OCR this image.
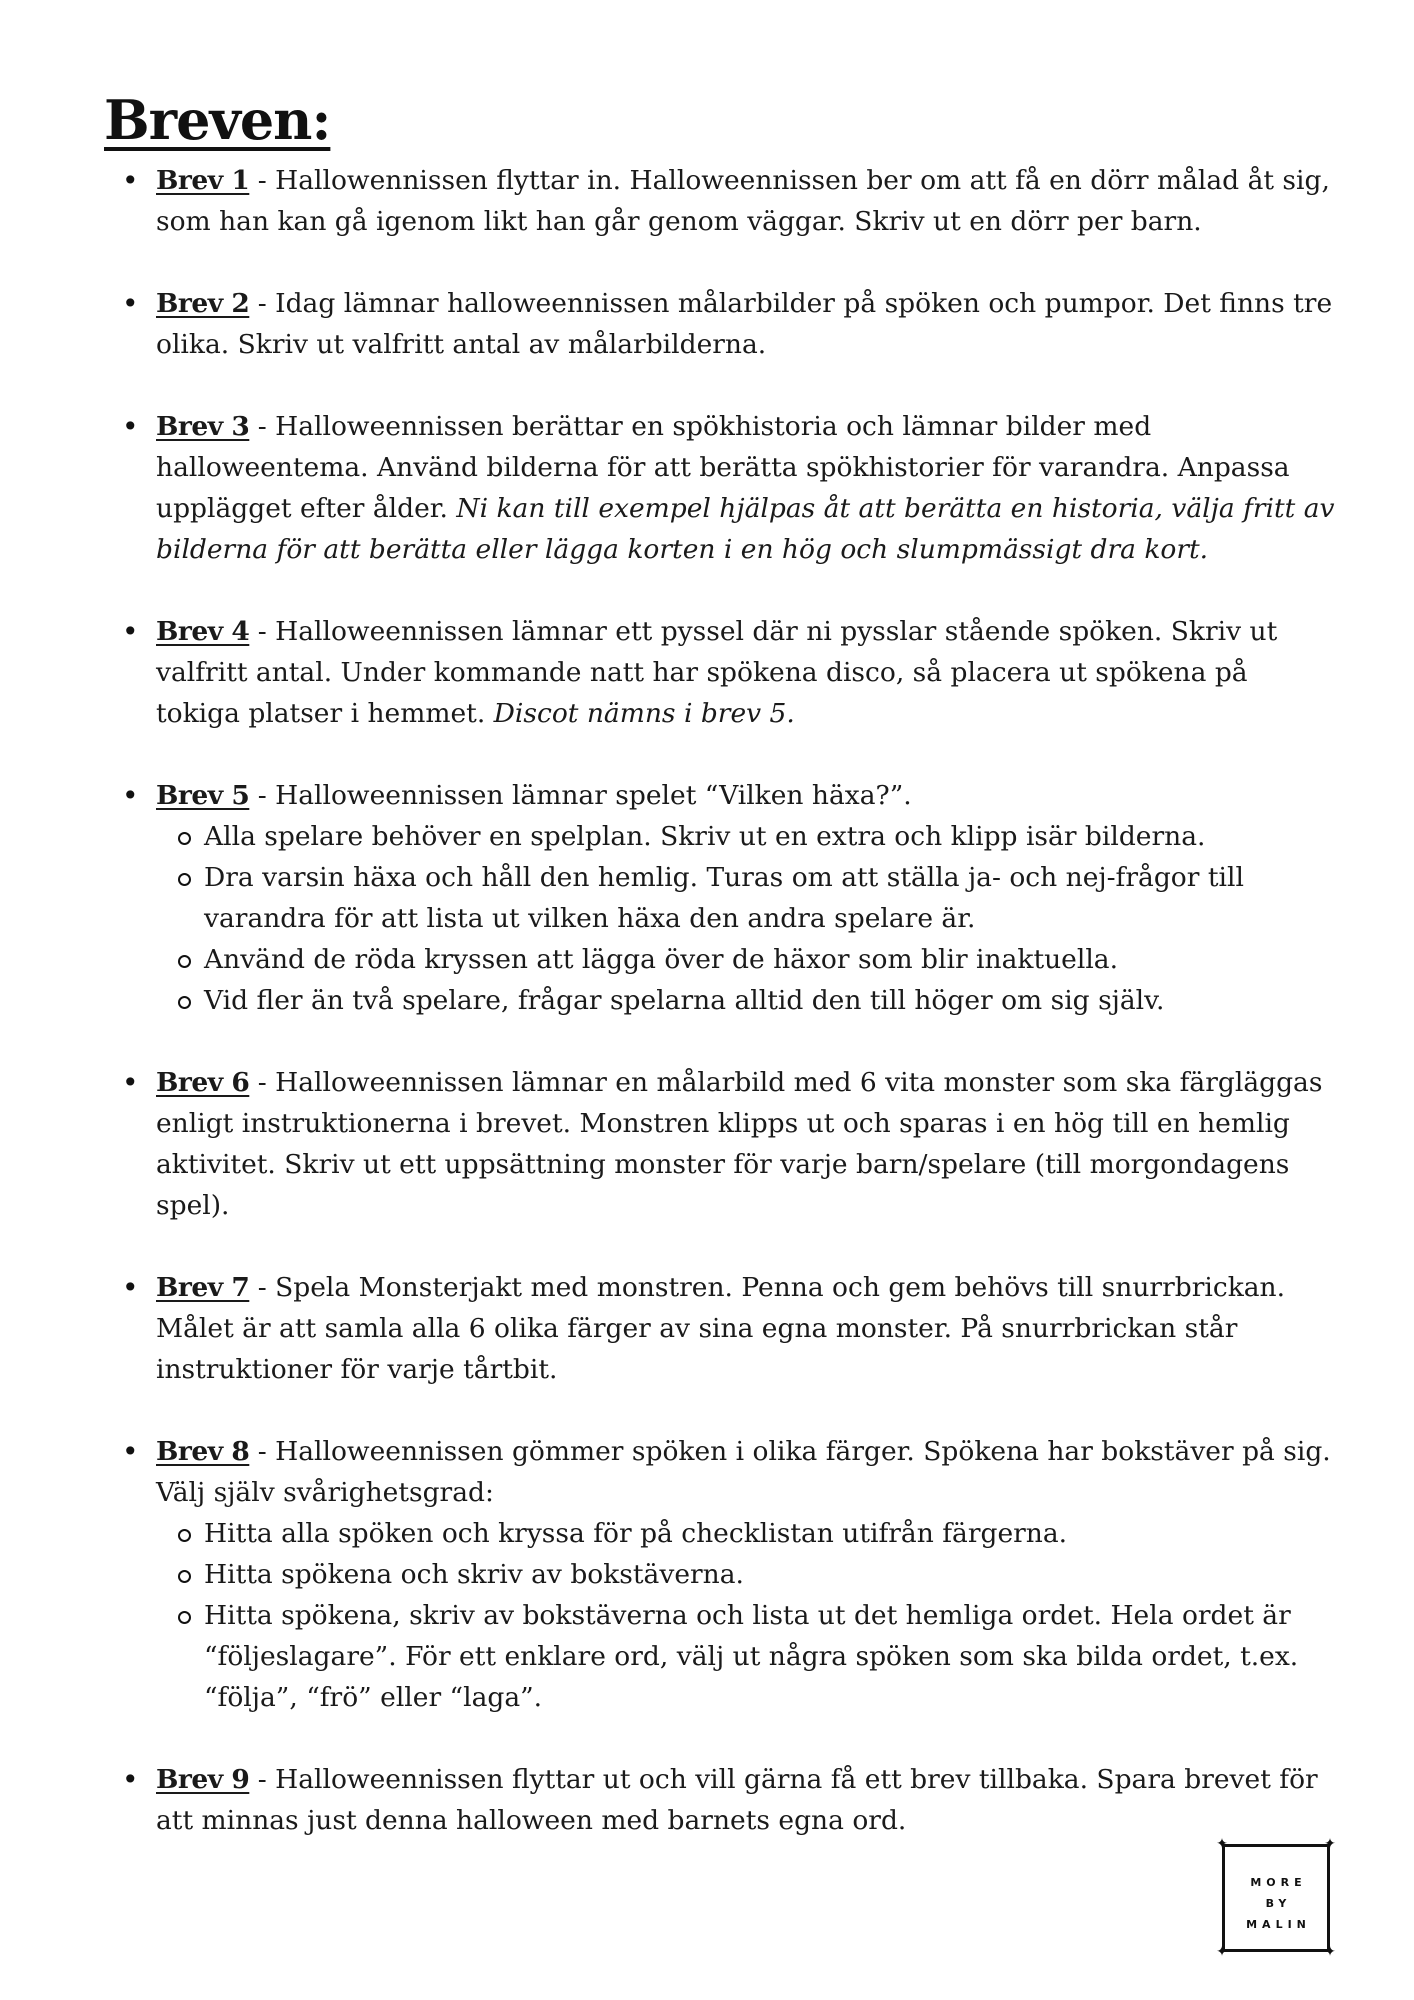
Breven:
• Brev 1 - Hallowennissen flyttar in. Halloweennissen ber om att få en dörr målad åt sig, som han kan gå igenom likt han går genom väggar. Skriv ut en dörr per barn.
• Brev 2 - Idag lämnar halloweennissen målarbilder på spöken och pumpor. Det finns tre olika. Skriv ut valfritt antal av målarbilderna.
• Brev 3 - Halloweennissen berättar en spökhistoria och lämnar bilder med halloweentema. Använd bilderna för att berätta spökhistorier för varandra. Anpassa upplägget efter ålder. Ni kan till exempel hjälpas åt att berätta en historia, välja fritt av bilderna för att berätta eller lägga korten i en hög och slumpmässigt dra kort.
• Brev 4 - Halloweennissen lämnar ett pyssel där ni pysslar stående spöken. Skriv ut valfritt antal. Under kommande natt har spökena disco, så placera ut spökena på tokiga platser i hemmet. Discot nämns i brev 5.
• Brev 5 - Halloweennissen lämnar spelet “Vilken häxa?”.
Alla spelare behöver en spelplan. Skriv ut en extra och klipp isär bilderna.
Dra varsin häxa och håll den hemlig. Turas om att ställa ja- och nej-frågor till varandra för att lista ut vilken häxa den andra spelare är.
Använd de röda kryssen att lägga över de häxor som blir inaktuella.
Vid fler än två spelare, frågar spelarna alltid den till höger om sig själv.
• Brev 6 - Halloweennissen lämnar en målarbild med 6 vita monster som ska färgläggas enligt instruktionerna i brevet. Monstren klipps ut och sparas i en hög till en hemlig aktivitet. Skriv ut ett uppsättning monster för varje barn/spelare (till morgondagens spel).
• Brev 7 - Spela Monsterjakt med monstren. Penna och gem behövs till snurrbrickan. Målet är att samla alla 6 olika färger av sina egna monster. På snurrbrickan står instruktioner för varje tårtbit.
• Brev 8 - Halloweennissen gömmer spöken i olika färger. Spökena har bokstäver på sig. Välj själv svårighetsgrad:
Hitta alla spöken och kryssa för på checklistan utifrån färgerna.
Hitta spökena och skriv av bokstäverna.
Hitta spökena, skriv av bokstäverna och lista ut det hemliga ordet. Hela ordet är “följeslagare”. För ett enklare ord, välj ut några spöken som ska bilda ordet, t.ex. “följa”, “frö” eller “laga”.
• Brev 9 - Halloweennissen flyttar ut och vill gärna få ett brev tillbaka. Spara brevet för att minnas just denna halloween med barnets egna ord.
✦	✦
✦	✦
MORE
BY
MALIN
